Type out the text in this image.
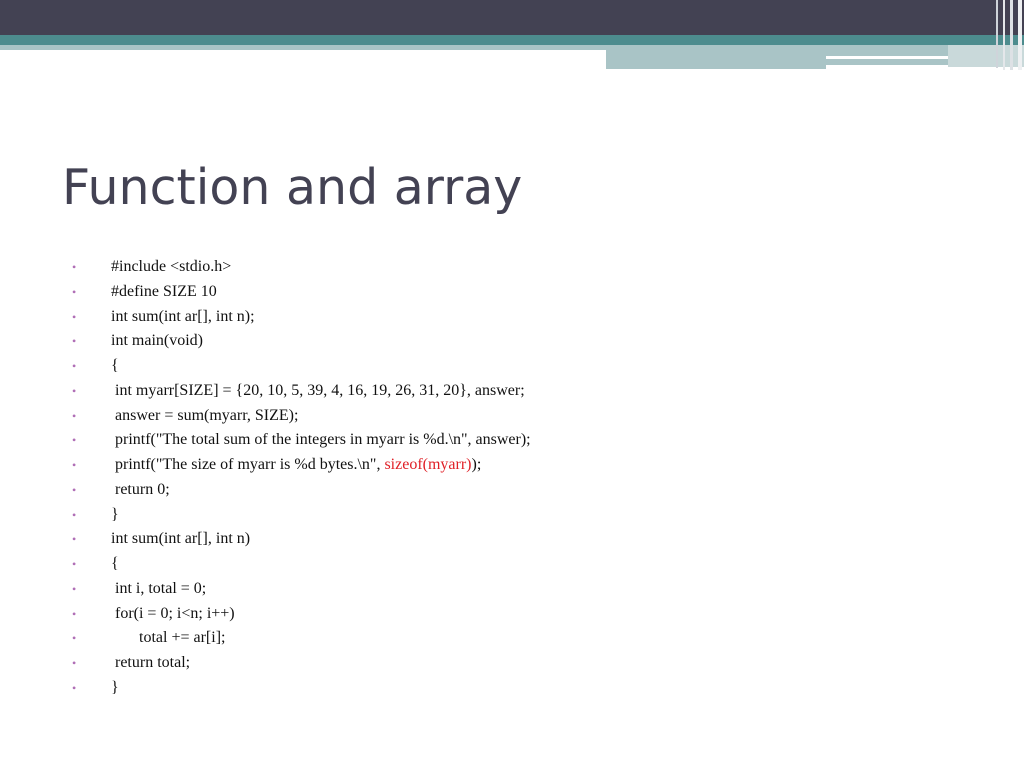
Function and array
• #include <stdio.h>
• #define SIZE 10
• int sum(int ar[], int n);
• int main(void)
• {
• int myarr[SIZE] = {20, 10, 5, 39, 4, 16, 19, 26, 31, 20}, answer;
• answer = sum(myarr, SIZE);
• printf("The total sum of the integers in myarr is %d.\n", answer);
• printf("The size of myarr is %d bytes.\n", sizeof(myarr));
• return 0;
• }
• int sum(int ar[], int n)
• {
• int i, total = 0;
• for(i = 0; i<n; i++)
• total += ar[i];
• return total;
• }
